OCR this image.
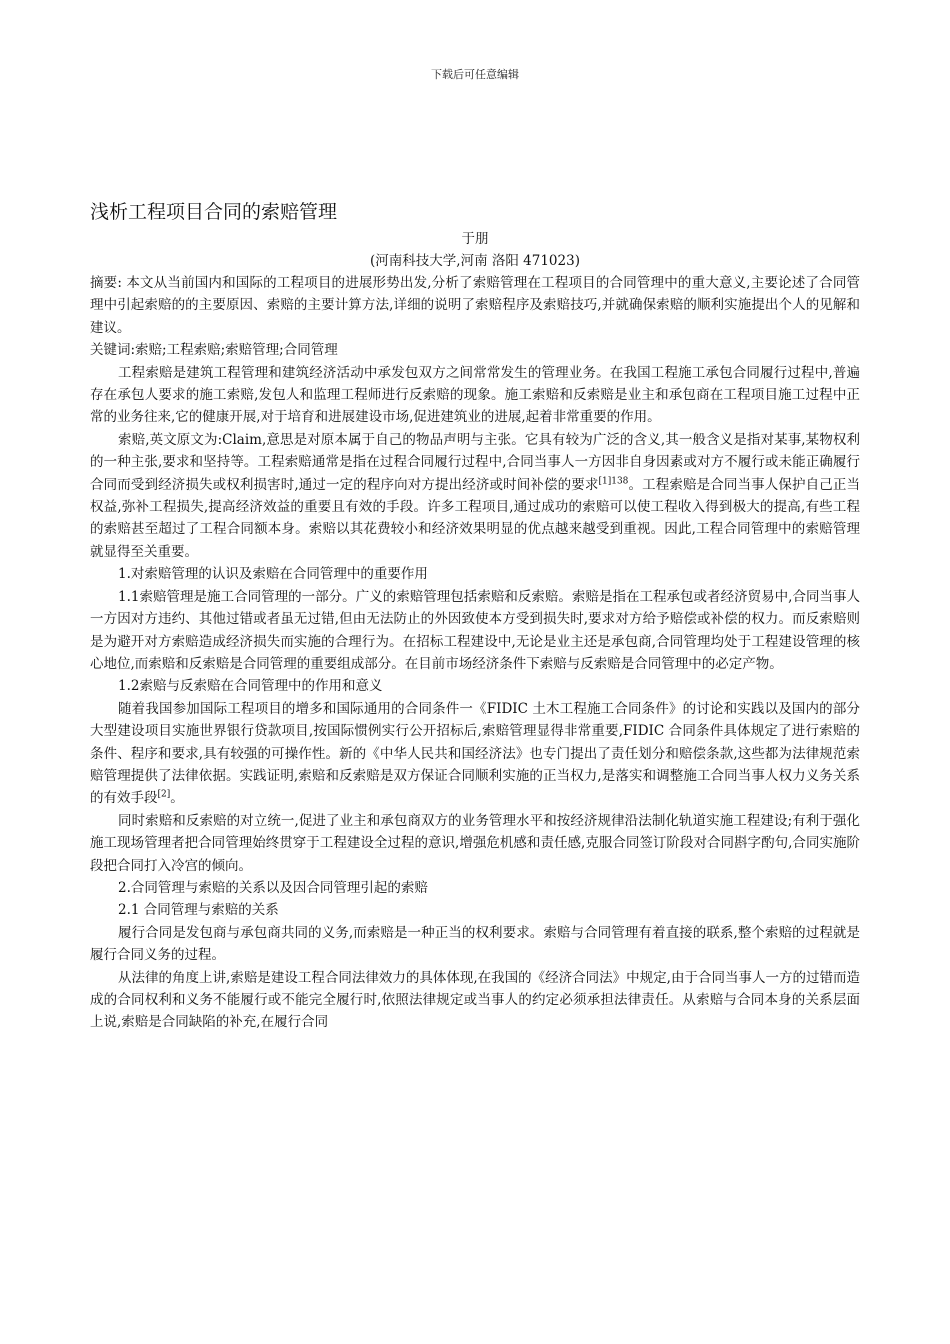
下载后可任意编辑
浅析工程项目合同的索赔管理
于朋
(河南科技大学,河南 洛阳 471023)

摘要: 本文从当前国内和国际的工程项目的进展形势出发,分析了索赔管理在工程项目的合同管理中的重大意义,主要论述了合同管理中引起索赔的的主要原因、索赔的主要计算方法,详细的说明了索赔程序及索赔技巧,并就确保索赔的顺利实施提出个人的见解和建议。

关键词:索赔;工程索赔;索赔管理;合同管理

工程索赔是建筑工程管理和建筑经济活动中承发包双方之间常常发生的管理业务。在我国工程施工承包合同履行过程中,普遍存在承包人要求的施工索赔,发包人和监理工程师进行反索赔的现象。施工索赔和反索赔是业主和承包商在工程项目施工过程中正常的业务往来,它的健康开展,对于培育和进展建设市场,促进建筑业的进展,起着非常重要的作用。

索赔,英文原文为:Claim,意思是对原本属于自己的物品声明与主张。它具有较为广泛的含义,其一般含义是指对某事,某物权利的一种主张,要求和坚持等。工程索赔通常是指在过程合同履行过程中,合同当事人一方因非自身因素或对方不履行或未能正确履行合同而受到经济损失或权利损害时,通过一定的程序向对方提出经济或时间补偿的要求$^{[1]138}$。工程索赔是合同当事人保护自己正当权益,弥补工程损失,提高经济效益的重要且有效的手段。许多工程项目,通过成功的索赔可以使工程收入得到极大的提高,有些工程的索赔甚至超过了工程合同额本身。索赔以其花费较小和经济效果明显的优点越来越受到重视。因此,工程合同管理中的索赔管理就显得至关重要。

1.对索赔管理的认识及索赔在合同管理中的重要作用

1.1索赔管理是施工合同管理的一部分。广义的索赔管理包括索赔和反索赔。索赔是指在工程承包或者经济贸易中,合同当事人一方因对方违约、其他过错或者虽无过错,但由无法防止的外因致使本方受到损失时,要求对方给予赔偿或补偿的权力。而反索赔则是为避开对方索赔造成经济损失而实施的合理行为。在招标工程建设中,无论是业主还是承包商,合同管理均处于工程建设管理的核心地位,而索赔和反索赔是合同管理的重要组成部分。在目前市场经济条件下索赔与反索赔是合同管理中的必定产物。

1.2索赔与反索赔在合同管理中的作用和意义

随着我国参加国际工程项目的增多和国际通用的合同条件一《FIDIC 土木工程施工合同条件》的讨论和实践以及国内的部分大型建设项目实施世界银行贷款项目,按国际惯例实行公开招标后,索赔管理显得非常重要,FIDIC 合同条件具体规定了进行索赔的条件、程序和要求,具有较强的可操作性。新的《中华人民共和国经济法》也专门提出了责任划分和赔偿条款,这些都为法律规范索赔管理提供了法律依据。实践证明,索赔和反索赔是双方保证合同顺利实施的正当权力,是落实和调整施工合同当事人权力义务关系的有效手段[2]。

同时索赔和反索赔的对立统一,促进了业主和承包商双方的业务管理水平和按经济规律沿法制化轨道实施工程建设;有利于强化施工现场管理者把合同管理始终贯穿于工程建设全过程的意识,增强危机感和责任感,克服合同签订阶段对合同斟字酌句,合同实施阶段把合同打入冷宫的倾向。

2.合同管理与索赔的关系以及因合同管理引起的索赔

2.1 合同管理与索赔的关系

履行合同是发包商与承包商共同的义务,而索赔是一种正当的权利要求。索赔与合同管理有着直接的联系,整个索赔的过程就是履行合同义务的过程。

从法律的角度上讲,索赔是建设工程合同法律效力的具体体现,在我国的《经济合同法》中规定,由于合同当事人一方的过错而造成的合同权利和义务不能履行或不能完全履行时,依照法律规定或当事人的约定必须承担法律责任。从索赔与合同本身的关系层面上说,索赔是合同缺陷的补充,在履行合同
